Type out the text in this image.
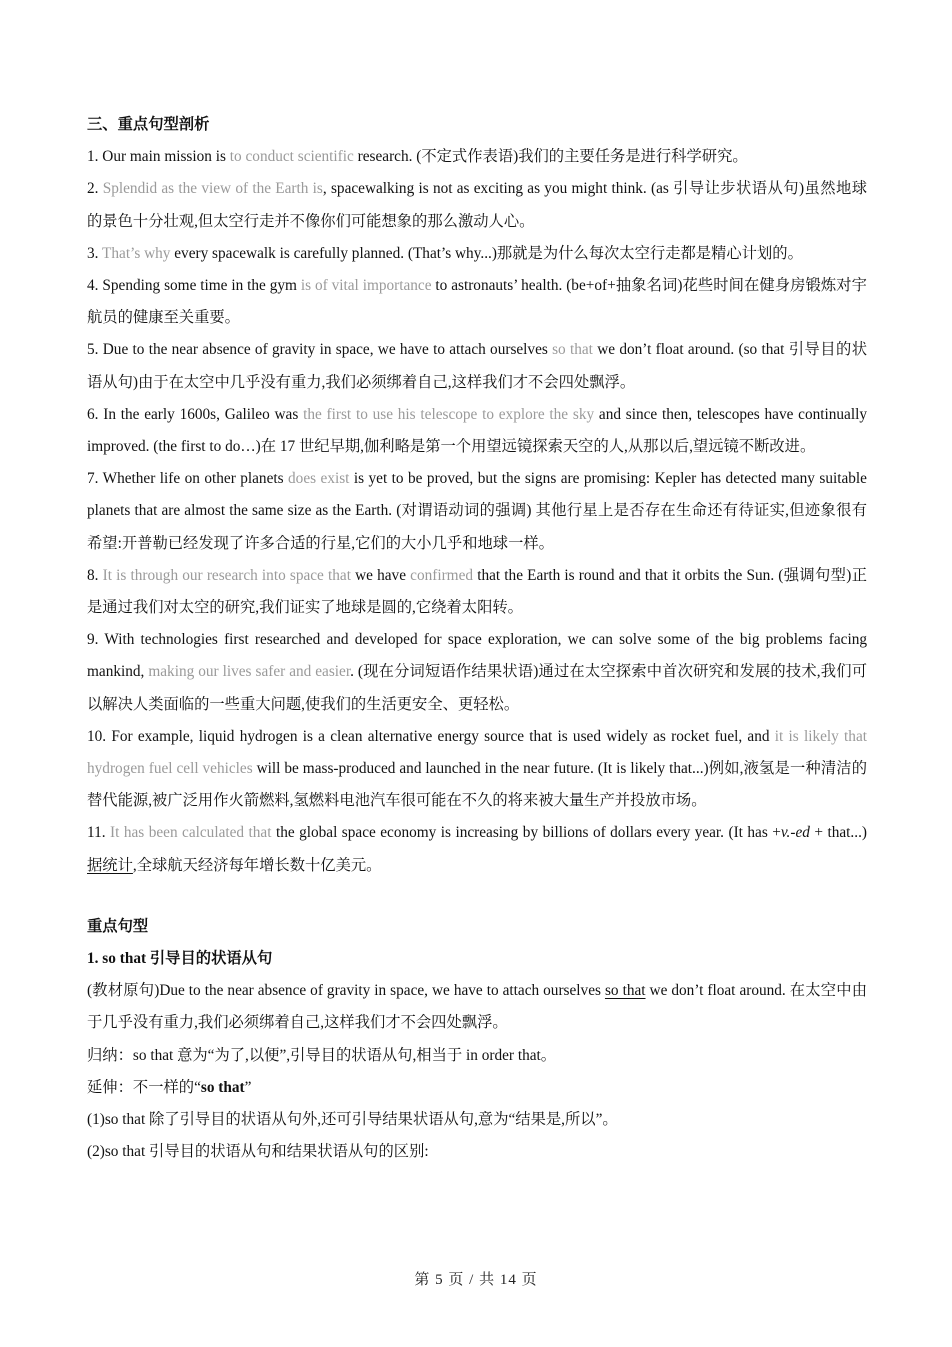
三、重点句型剖析

1. Our main mission is to conduct scientific research. (不定式作表语)我们的主要任务是进行科学研究。

2. Splendid as the view of the Earth is, spacewalking is not as exciting as you might think. (as 引导让步状语从句)虽然地球的景色十分壮观,但太空行走并不像你们可能想象的那么激动人心。

3. That’s why every spacewalk is carefully planned. (That’s why...)那就是为什么每次太空行走都是精心计划的。

4. Spending some time in the gym is of vital importance to astronauts’ health. (be+of+抽象名词)花些时间在健身房锻炼对宇航员的健康至关重要。

5. Due to the near absence of gravity in space, we have to attach ourselves so that we don’t float around. (so that 引导目的状语从句)由于在太空中几乎没有重力,我们必须绑着自己,这样我们才不会四处飘浮。

6. In the early 1600s, Galileo was the first to use his telescope to explore the sky and since then, telescopes have continually improved. (the first to do…)在 17 世纪早期,伽利略是第一个用望远镜探索天空的人,从那以后,望远镜不断改进。

7. Whether life on other planets does exist is yet to be proved, but the signs are promising: Kepler has detected many suitable planets that are almost the same size as the Earth. (对谓语动词的强调) 其他行星上是否存在生命还有待证实,但迹象很有希望:开普勒已经发现了许多合适的行星,它们的大小几乎和地球一样。

8. It is through our research into space that we have confirmed that the Earth is round and that it orbits the Sun. (强调句型)正是通过我们对太空的研究,我们证实了地球是圆的,它绕着太阳转。

9. With technologies first researched and developed for space exploration, we can solve some of the big problems facing mankind, making our lives safer and easier. (现在分词短语作结果状语)通过在太空探索中首次研究和发展的技术,我们可以解决人类面临的一些重大问题,使我们的生活更安全、更轻松。

10. For example, liquid hydrogen is a clean alternative energy source that is used widely as rocket fuel, and it is likely that hydrogen fuel cell vehicles will be mass-produced and launched in the near future. (It is likely that...)例如,液氢是一种清洁的替代能源,被广泛用作火箭燃料,氢燃料电池汽车很可能在不久的将来被大量生产并投放市场。

11. It has been calculated that the global space economy is increasing by billions of dollars every year. (It has +v.-ed + that...)据统计,全球航天经济每年增长数十亿美元。

重点句型

1. so that 引导目的状语从句

(教材原句)Due to the near absence of gravity in space, we have to attach ourselves so that we don’t float around. 在太空中由于几乎没有重力,我们必须绑着自己,这样我们才不会四处飘浮。

归纳：so that 意为“为了,以便”,引导目的状语从句,相当于 in order that。

延伸：不一样的“so that”

(1)so that 除了引导目的状语从句外,还可引导结果状语从句,意为“结果是,所以”。

(2)so that 引导目的状语从句和结果状语从句的区别:

第 5 页 / 共 14 页
